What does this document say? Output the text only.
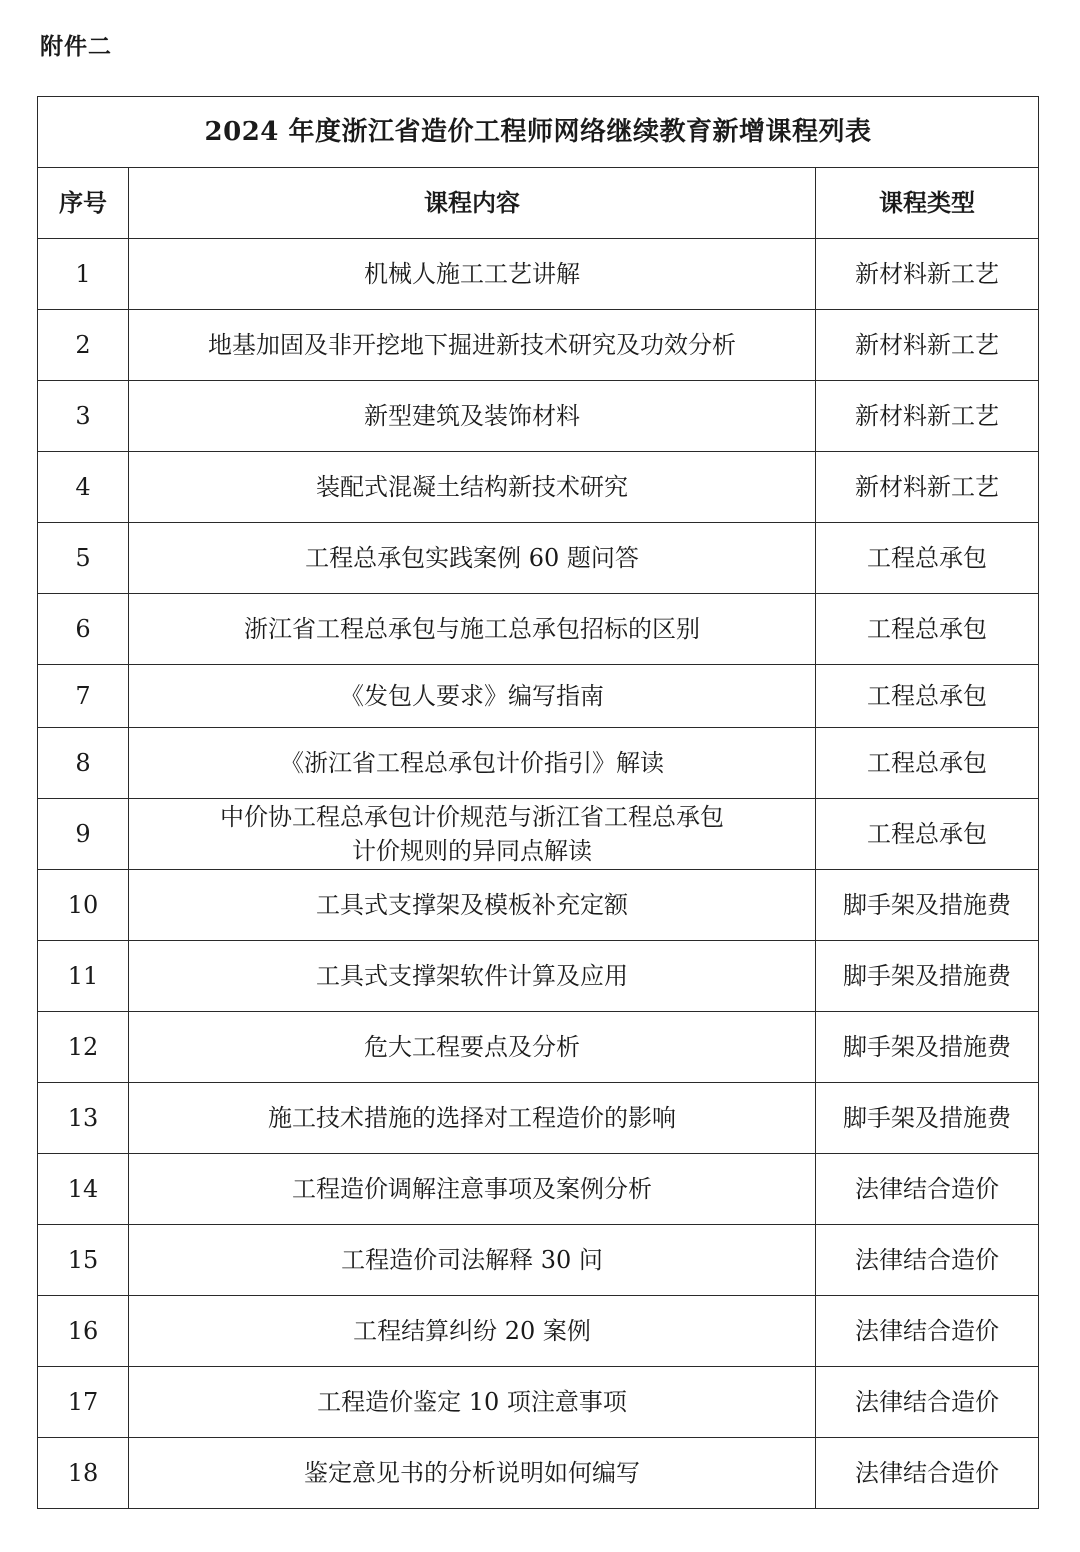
附件二
2024 年度浙江省造价工程师网络继续教育新增课程列表		
序号	课程内容	课程类型
1	机械人施工工艺讲解	新材料新工艺
2	地基加固及非开挖地下掘进新技术研究及功效分析	新材料新工艺
3	新型建筑及装饰材料	新材料新工艺
4	装配式混凝土结构新技术研究	新材料新工艺
5	工程总承包实践案例 60 题问答	工程总承包
6	浙江省工程总承包与施工总承包招标的区别	工程总承包
7	《发包人要求》编写指南	工程总承包
8	《浙江省工程总承包计价指引》解读	工程总承包
9	中价协工程总承包计价规范与浙江省工程总承包
计价规则的异同点解读	工程总承包
10	工具式支撑架及模板补充定额	脚手架及措施费
11	工具式支撑架软件计算及应用	脚手架及措施费
12	危大工程要点及分析	脚手架及措施费
13	施工技术措施的选择对工程造价的影响	脚手架及措施费
14	工程造价调解注意事项及案例分析	法律结合造价
15	工程造价司法解释 30 问	法律结合造价
16	工程结算纠纷 20 案例	法律结合造价
17	工程造价鉴定 10 项注意事项	法律结合造价
18	鉴定意见书的分析说明如何编写	法律结合造价
